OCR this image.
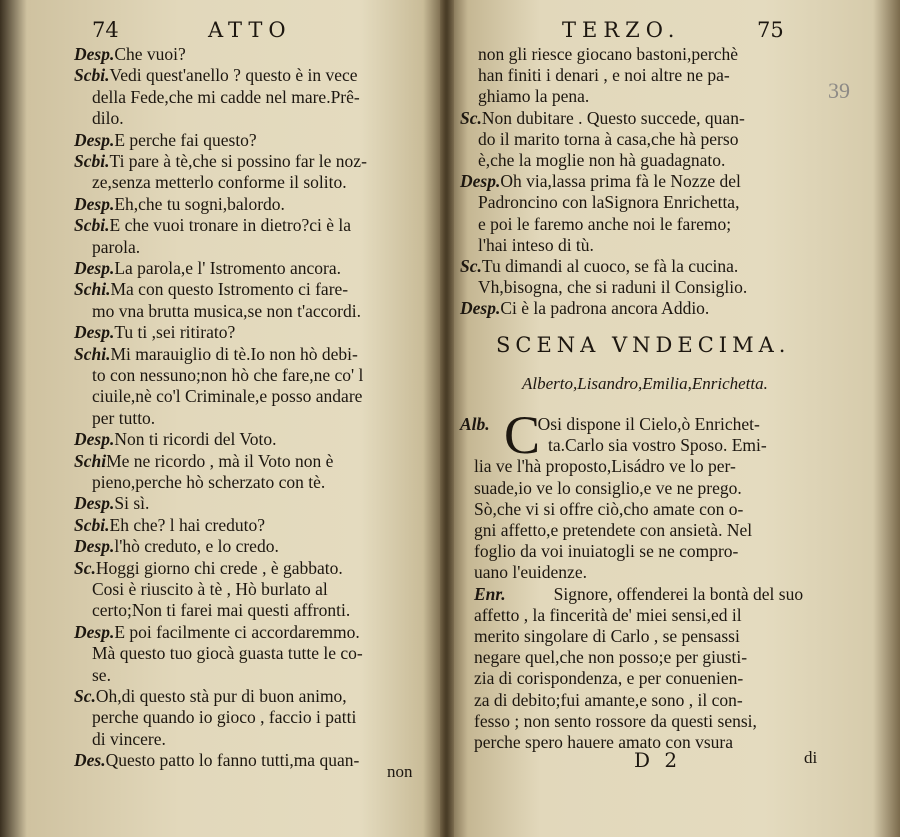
74	ATTO
Desp.Che vuoi?
Scbi.Vedi quest'anello ? questo è in vece
della Fede,che mi cadde nel mare.Prê-
dilo.
Desp.E perche fai questo?
Scbi.Ti pare à tè,che si possino far le noz-
ze,senza metterlo conforme il solito.
Desp.Eh,che tu sogni,balordo.
Scbi.E che vuoi tronare in dietro?ci è la
parola.
Desp.La parola,e l' Istromento ancora.
Schi.Ma con questo Istromento ci fare-
mo vna brutta musica,se non t'accordi.
Desp.Tu ti ,sei ritirato?
Schi.Mi marauiglio di tè.Io non hò debi-
to con nessuno;non hò che fare,ne co' l
ciuile,nè co'l Criminale,e posso andare
per tutto.
Desp.Non ti ricordi del Voto.
SchiMe ne ricordo , mà il Voto non è
pieno,perche hò scherzato con tè.
Desp.Si sì.
Scbi.Eh che? l hai creduto?
Desp.l'hò creduto, e lo credo.
Sc.Hoggi giorno chi crede , è gabbato.
Cosi è riuscito à tè , Hò burlato al
certo;Non ti farei mai questi affronti.
Desp.E poi facilmente ci accordaremmo.
Mà questo tuo giocà guasta tutte le co-
se.
Sc.Oh,di questo stà pur di buon animo,
perche quando io gioco , faccio i patti
di vincere.
Des.Questo patto lo fanno tutti,ma quan-
non
TERZO.	75
non gli riesce giocano bastoni,perchè
han finiti i denari , e noi altre ne pa-
ghiamo la pena.
Sc.Non dubitare . Questo succede, quan-
do il marito torna à casa,che hà perso
è,che la moglie non hà guadagnato.
Desp.Oh via,lassa prima fà le Nozze del
Padroncino con laSignora Enrichetta,
e poi le faremo anche noi le faremo;
l'hai inteso di tù.
Sc.Tu dimandi al cuoco, se fà la cucina.
Vh,bisogna, che si raduni il Consiglio.
Desp.Ci è la padrona ancora Addio.
SCENA VNDECIMA.
Alberto,Lisandro,Emilia,Enrichetta.
C
Alb.	Osi dispone il Cielo,ò Enrichet-
ta.Carlo sia vostro Sposo. Emi-
lia ve l'hà proposto,Lisádro ve lo per-
suade,io ve lo consiglio,e ve ne prego.
Sò,che vi si offre ciò,cho amate con o-
gni affetto,e pretendete con ansietà. Nel
foglio da voi inuiatogli se ne compro-
uano l'euidenze.
Enr.	Signore, offenderei la bontà del suo
affetto , la fincerità de' miei sensi,ed il
merito singolare di Carlo , se pensassi
negare quel,che non posso;e per giusti-
zia di corispondenza, e per conuenien-
za di debito;fui amante,e sono , il con-
fesso ; non sento rossore da questi sensi,
perche spero hauere amato con vsura
D 2	di
39
